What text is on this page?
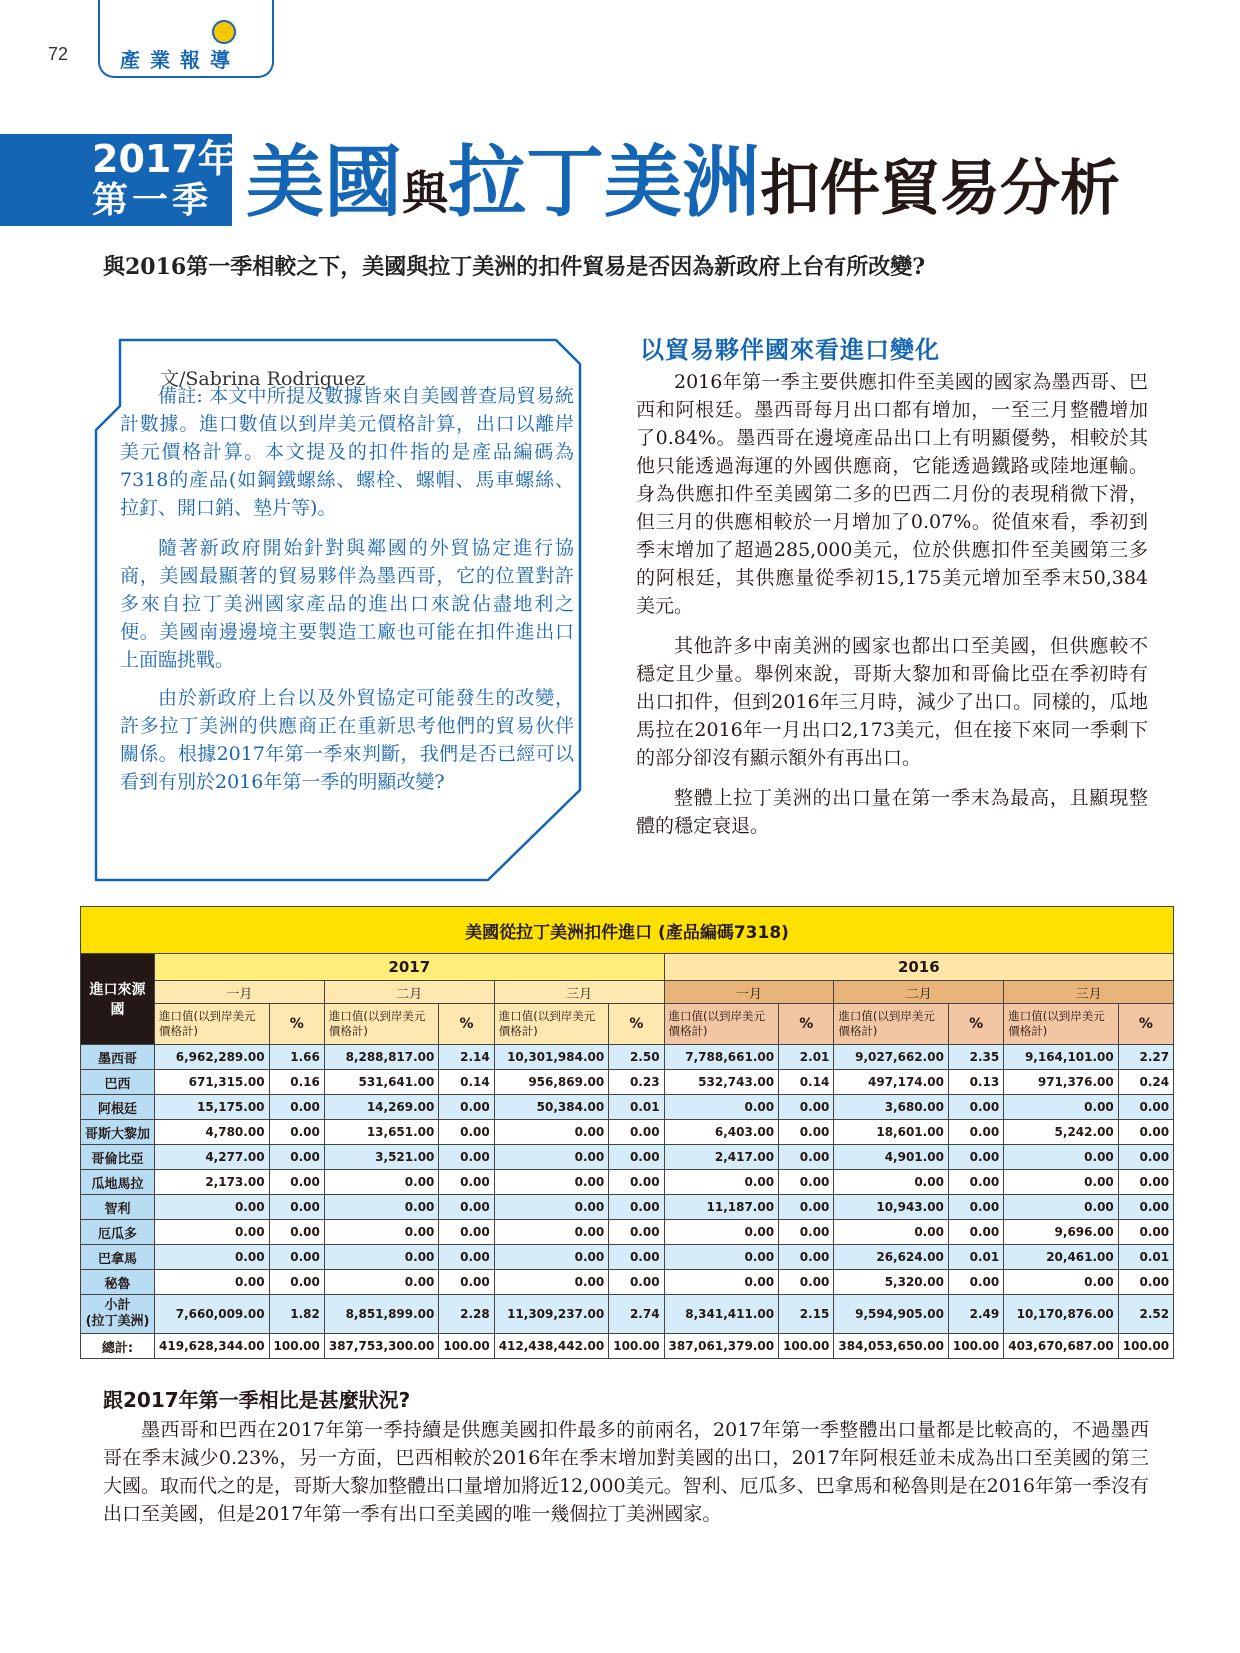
72	產業報導
2017年
第一季 美國與拉丁美洲扣件貿易分析
與2016第一季相較之下，美國與拉丁美洲的扣件貿易是否因為新政府上台有所改變?
文/Sabrina Rodriguez
備註: 本文中所提及數據皆來自美國普查局貿易統計數據。進口數值以到岸美元價格計算，出口以離岸美元價格計算。本文提及的扣件指的是產品編碼為7318的產品(如鋼鐵螺絲、螺栓、螺帽、馬車螺絲、拉釘、開口銷、墊片等)。
隨著新政府開始針對與鄰國的外貿協定進行協商，美國最顯著的貿易夥伴為墨西哥，它的位置對許多來自拉丁美洲國家產品的進出口來說佔盡地利之便。美國南邊邊境主要製造工廠也可能在扣件進出口上面臨挑戰。
由於新政府上台以及外貿協定可能發生的改變，許多拉丁美洲的供應商正在重新思考他們的貿易伙伴關係。根據2017年第一季來判斷，我們是否已經可以看到有別於2016年第一季的明顯改變?
以貿易夥伴國來看進口變化
2016年第一季主要供應扣件至美國的國家為墨西哥、巴西和阿根廷。墨西哥每月出口都有增加，一至三月整體增加了0.84%。墨西哥在邊境產品出口上有明顯優勢，相較於其他只能透過海運的外國供應商，它能透過鐵路或陸地運輸。身為供應扣件至美國第二多的巴西二月份的表現稍微下滑，但三月的供應相較於一月增加了0.07%。從值來看，季初到季末增加了超過285,000美元，位於供應扣件至美國第三多的阿根廷，其供應量從季初15,175美元增加至季末50,384美元。
其他許多中南美洲的國家也都出口至美國，但供應較不穩定且少量。舉例來說，哥斯大黎加和哥倫比亞在季初時有出口扣件，但到2016年三月時，減少了出口。同樣的，瓜地馬拉在2016年一月出口2,173美元，但在接下來同一季剩下的部分卻沒有顯示額外有再出口。
整體上拉丁美洲的出口量在第一季末為最高，且顯現整體的穩定衰退。
美國從拉丁美洲扣件進口 (產品編碼7318)												
進口來源國	2017						2016					
	一月		二月		三月		一月		二月		三月	
	進口值(以到岸美元價格計)	%	進口值(以到岸美元價格計)	%	進口值(以到岸美元價格計)	%	進口值(以到岸美元價格計)	%	進口值(以到岸美元價格計)	%	進口值(以到岸美元價格計)	%
墨西哥	6,962,289.00	1.66	8,288,817.00	2.14	10,301,984.00	2.50	7,788,661.00	2.01	9,027,662.00	2.35	9,164,101.00	2.27
巴西	671,315.00	0.16	531,641.00	0.14	956,869.00	0.23	532,743.00	0.14	497,174.00	0.13	971,376.00	0.24
阿根廷	15,175.00	0.00	14,269.00	0.00	50,384.00	0.01	0.00	0.00	3,680.00	0.00	0.00	0.00
哥斯大黎加	4,780.00	0.00	13,651.00	0.00	0.00	0.00	6,403.00	0.00	18,601.00	0.00	5,242.00	0.00
哥倫比亞	4,277.00	0.00	3,521.00	0.00	0.00	0.00	2,417.00	0.00	4,901.00	0.00	0.00	0.00
瓜地馬拉	2,173.00	0.00	0.00	0.00	0.00	0.00	0.00	0.00	0.00	0.00	0.00	0.00
智利	0.00	0.00	0.00	0.00	0.00	0.00	11,187.00	0.00	10,943.00	0.00	0.00	0.00
厄瓜多	0.00	0.00	0.00	0.00	0.00	0.00	0.00	0.00	0.00	0.00	9,696.00	0.00
巴拿馬	0.00	0.00	0.00	0.00	0.00	0.00	0.00	0.00	26,624.00	0.01	20,461.00	0.01
秘魯	0.00	0.00	0.00	0.00	0.00	0.00	0.00	0.00	5,320.00	0.00	0.00	0.00

小計
(拉丁美洲)	7,660,009.00	1.82	8,851,899.00	2.28	11,309,237.00	2.74	8,341,411.00	2.15	9,594,905.00	2.49	10,170,876.00	2.52
總計:	419,628,344.00	100.00	387,753,300.00	100.00	412,438,442.00	100.00	387,061,379.00	100.00	384,053,650.00	100.00	403,670,687.00	100.00
跟2017年第一季相比是甚麼狀況?
墨西哥和巴西在2017年第一季持續是供應美國扣件最多的前兩名，2017年第一季整體出口量都是比較高的，不過墨西哥在季末減少0.23%，另一方面，巴西相較於2016年在季末增加對美國的出口，2017年阿根廷並未成為出口至美國的第三大國。取而代之的是，哥斯大黎加整體出口量增加將近12,000美元。智利、厄瓜多、巴拿馬和秘魯則是在2016年第一季沒有出口至美國，但是2017年第一季有出口至美國的唯一幾個拉丁美洲國家。
